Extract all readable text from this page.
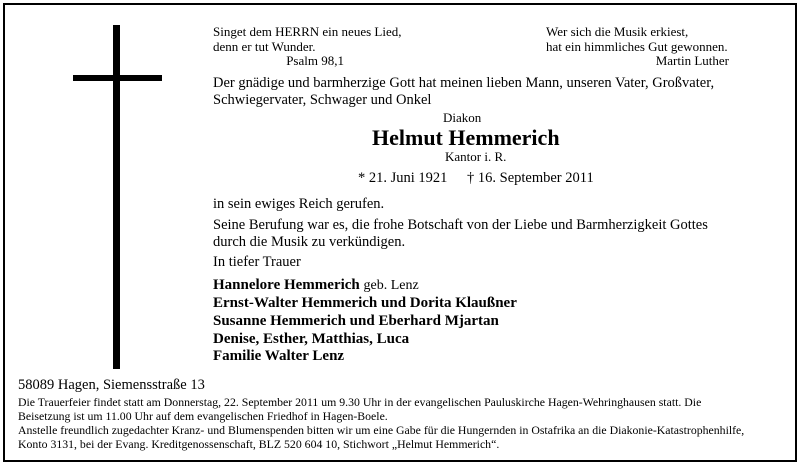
Singet dem HERRN ein neues Lied,
denn er tut Wunder.
Psalm 98,1
Wer sich die Musik erkiest,
hat ein himmliches Gut gewonnen.
Martin Luther
Der gnädige und barmherzige Gott hat meinen lieben Mann, unseren Vater, Großvater,
Schwiegervater, Schwager und Onkel
Diakon
Helmut Hemmerich
Kantor i. R.
* 21. Juni 1921 † 16. September 2011
in sein ewiges Reich gerufen.
Seine Berufung war es, die frohe Botschaft von der Liebe und Barmherzigkeit Gottes
durch die Musik zu verkündigen.
In tiefer Trauer
Hannelore Hemmerich geb. Lenz
Ernst-Walter Hemmerich und Dorita Klaußner
Susanne Hemmerich und Eberhard Mjartan
Denise, Esther, Matthias, Luca
Familie Walter Lenz
58089 Hagen, Siemensstraße 13
Die Trauerfeier findet statt am Donnerstag, 22. September 2011 um 9.30 Uhr in der evangelischen Pauluskirche Hagen-Wehringhausen statt. Die
Beisetzung ist um 11.00 Uhr auf dem evangelischen Friedhof in Hagen-Boele.
Anstelle freundlich zugedachter Kranz- und Blumenspenden bitten wir um eine Gabe für die Hungernden in Ostafrika an die Diakonie-Katastrophenhilfe,
Konto 3131, bei der Evang. Kreditgenossenschaft, BLZ 520 604 10, Stichwort „Helmut Hemmerich“.
